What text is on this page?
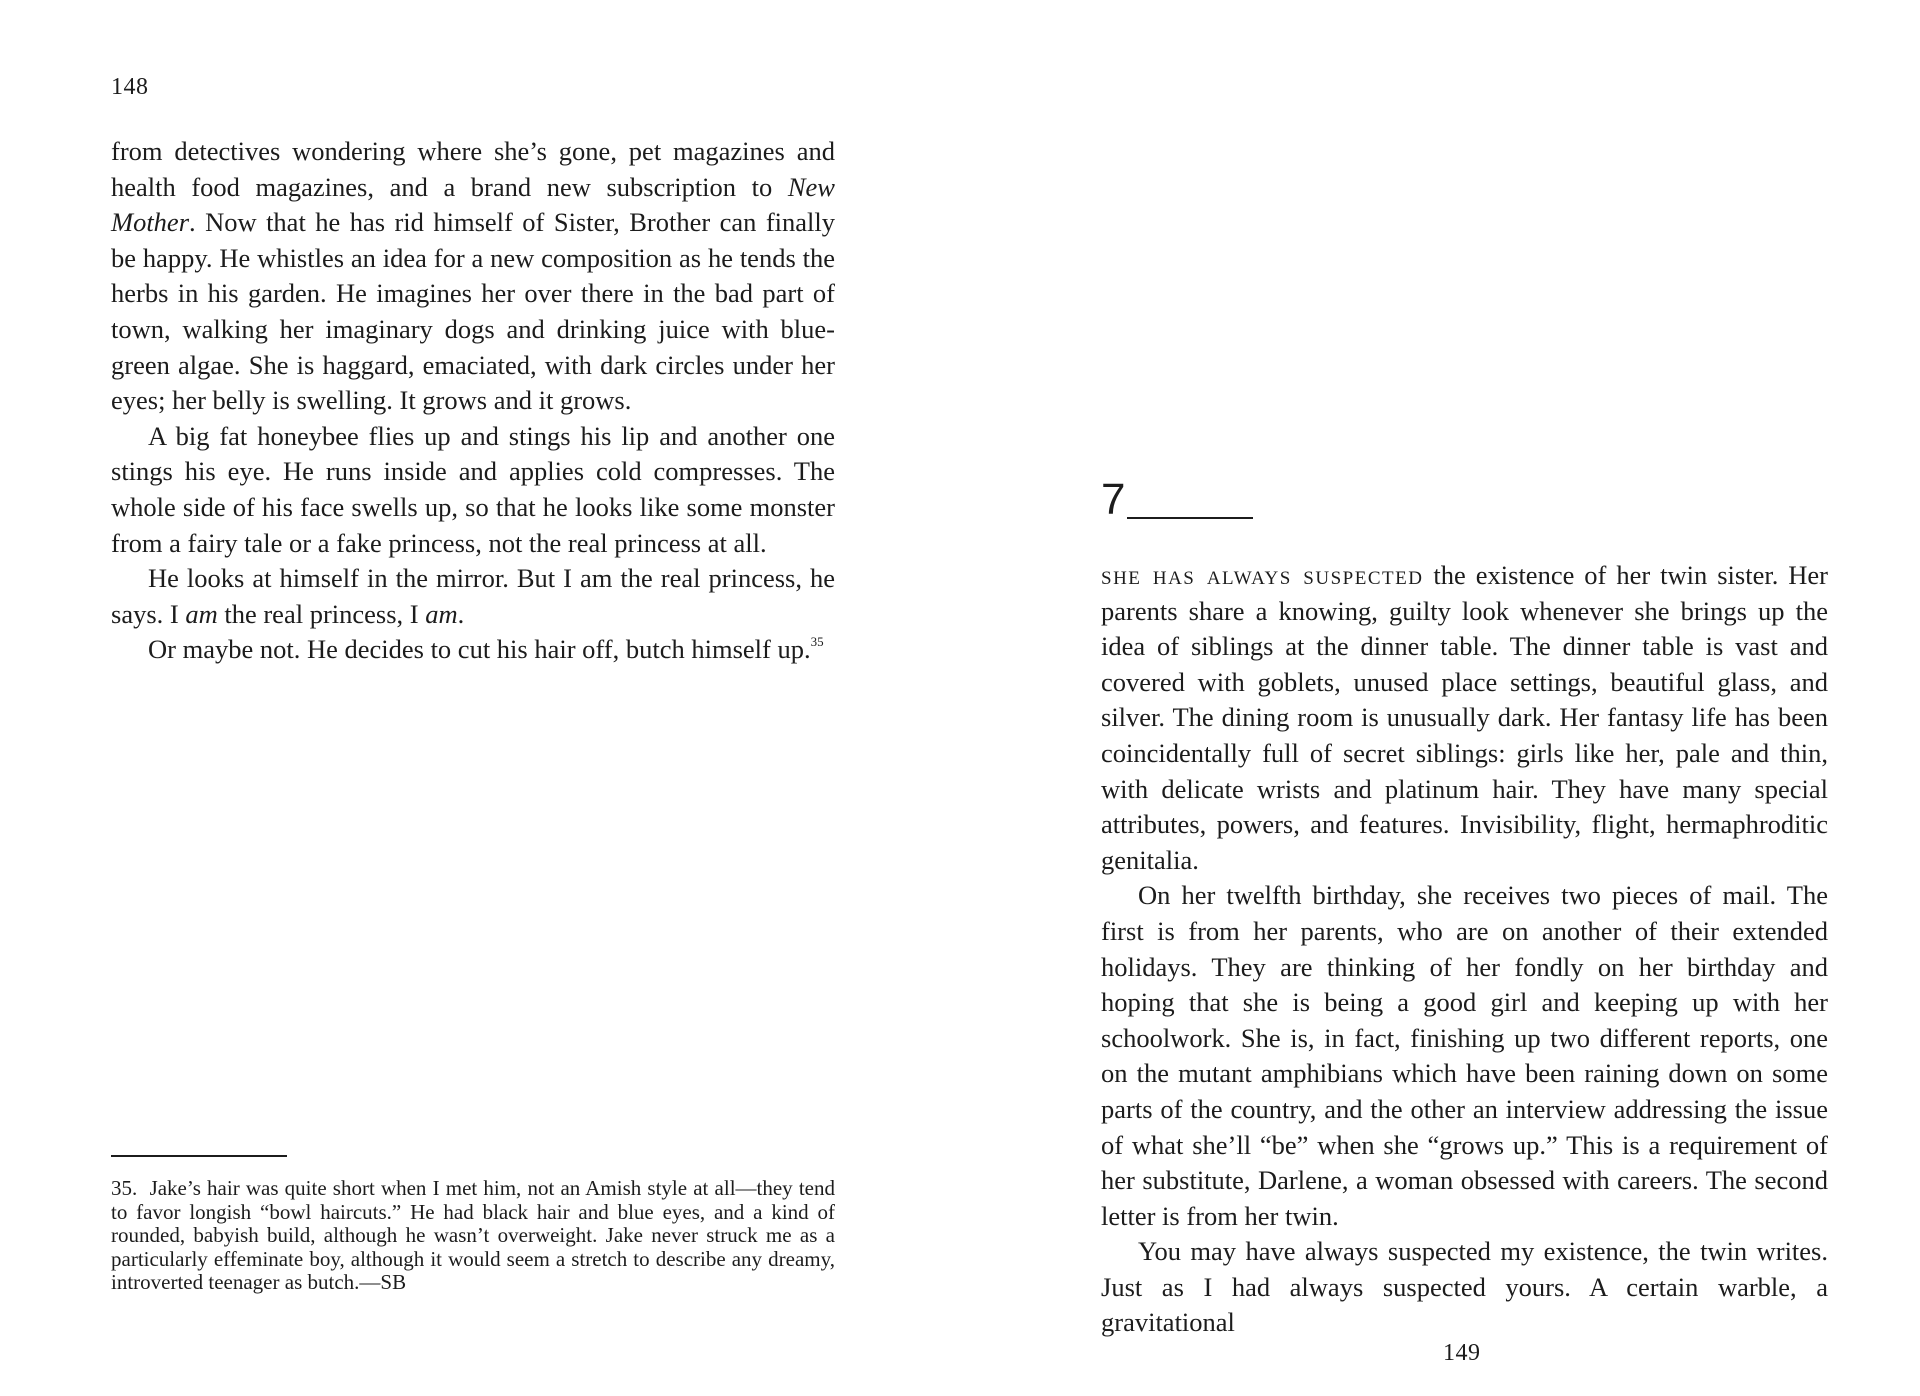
148

from detectives wondering where she’s gone, pet magazines and health food magazines, and a brand new subscription to New Mother. Now that he has rid himself of Sister, Brother can finally be happy. He whistles an idea for a new composition as he tends the herbs in his garden. He imagines her over there in the bad part of town, walking her imaginary dogs and drinking juice with blue-green algae. She is haggard, emaciated, with dark circles under her eyes; her belly is swelling. It grows and it grows.

A big fat honeybee flies up and stings his lip and another one stings his eye. He runs inside and applies cold compresses. The whole side of his face swells up, so that he looks like some monster from a fairy tale or a fake princess, not the real princess at all.

He looks at himself in the mirror. But I am the real princess, he says. I am the real princess, I am.

Or maybe not. He decides to cut his hair off, butch himself up.$^{35}$

35. Jake’s hair was quite short when I met him, not an Amish style at all—they tend to favor longish “bowl haircuts.” He had black hair and blue eyes, and a kind of rounded, babyish build, although he wasn’t overweight. Jake never struck me as a particularly effeminate boy, although it would seem a stretch to describe any dreamy, introverted teenager as butch.—SB

7

she has always suspected the existence of her twin sister. Her parents share a knowing, guilty look whenever she brings up the idea of siblings at the dinner table. The dinner table is vast and covered with goblets, unused place settings, beautiful glass, and silver. The dining room is unusually dark. Her fantasy life has been coincidentally full of secret siblings: girls like her, pale and thin, with delicate wrists and platinum hair. They have many special attributes, powers, and features. Invisibility, flight, hermaphroditic genitalia.

On her twelfth birthday, she receives two pieces of mail. The first is from her parents, who are on another of their extended holidays. They are thinking of her fondly on her birthday and hoping that she is being a good girl and keeping up with her schoolwork. She is, in fact, finishing up two different reports, one on the mutant amphibians which have been raining down on some parts of the country, and the other an interview addressing the issue of what she’ll “be” when she “grows up.” This is a requirement of her substitute, Darlene, a woman obsessed with careers. The second letter is from her twin.

You may have always suspected my existence, the twin writes. Just as I had always suspected yours. A certain warble, a gravitational

149
